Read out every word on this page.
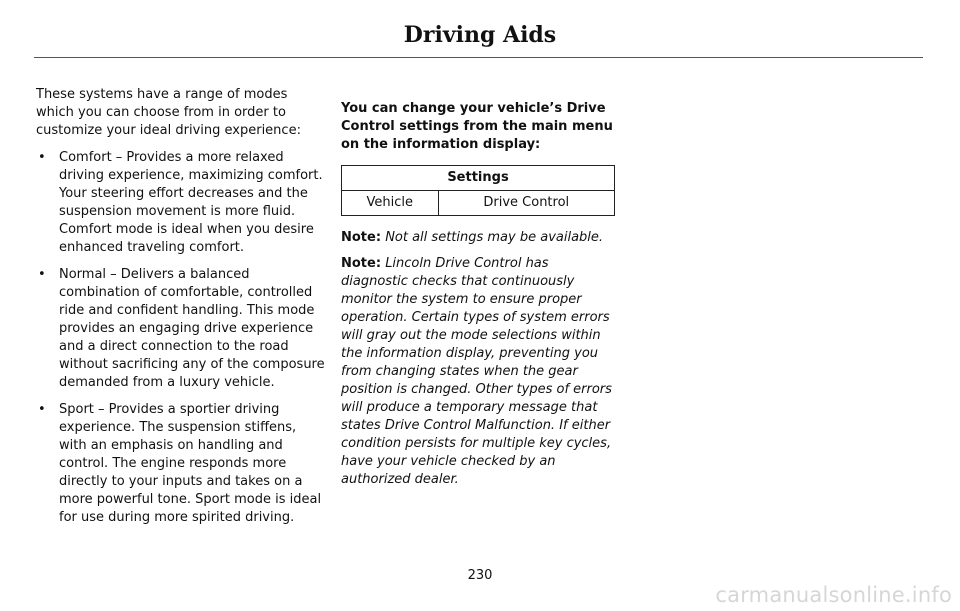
Driving Aids

These systems have a range of modes which you can choose from in order to customize your ideal driving experience:

• Comfort – Provides a more relaxed driving experience, maximizing comfort. Your steering effort decreases and the suspension movement is more fluid. Comfort mode is ideal when you desire enhanced traveling comfort.
• Normal – Delivers a balanced combination of comfortable, controlled ride and confident handling. This mode provides an engaging drive experience and a direct connection to the road without sacrificing any of the composure demanded from a luxury vehicle.
• Sport – Provides a sportier driving experience. The suspension stiffens, with an emphasis on handling and control. The engine responds more directly to your inputs and takes on a more powerful tone. Sport mode is ideal for use during more spirited driving.

You can change your vehicle’s Drive Control settings from the main menu on the information display:

Settings
Vehicle	Drive Control

Note: Not all settings may be available.

Note: Lincoln Drive Control has diagnostic checks that continuously monitor the system to ensure proper operation. Certain types of system errors will gray out the mode selections within the information display, preventing you from changing states when the gear position is changed. Other types of errors will produce a temporary message that states Drive Control Malfunction. If either condition persists for multiple key cycles, have your vehicle checked by an authorized dealer.

230
carmanualsonline.info
